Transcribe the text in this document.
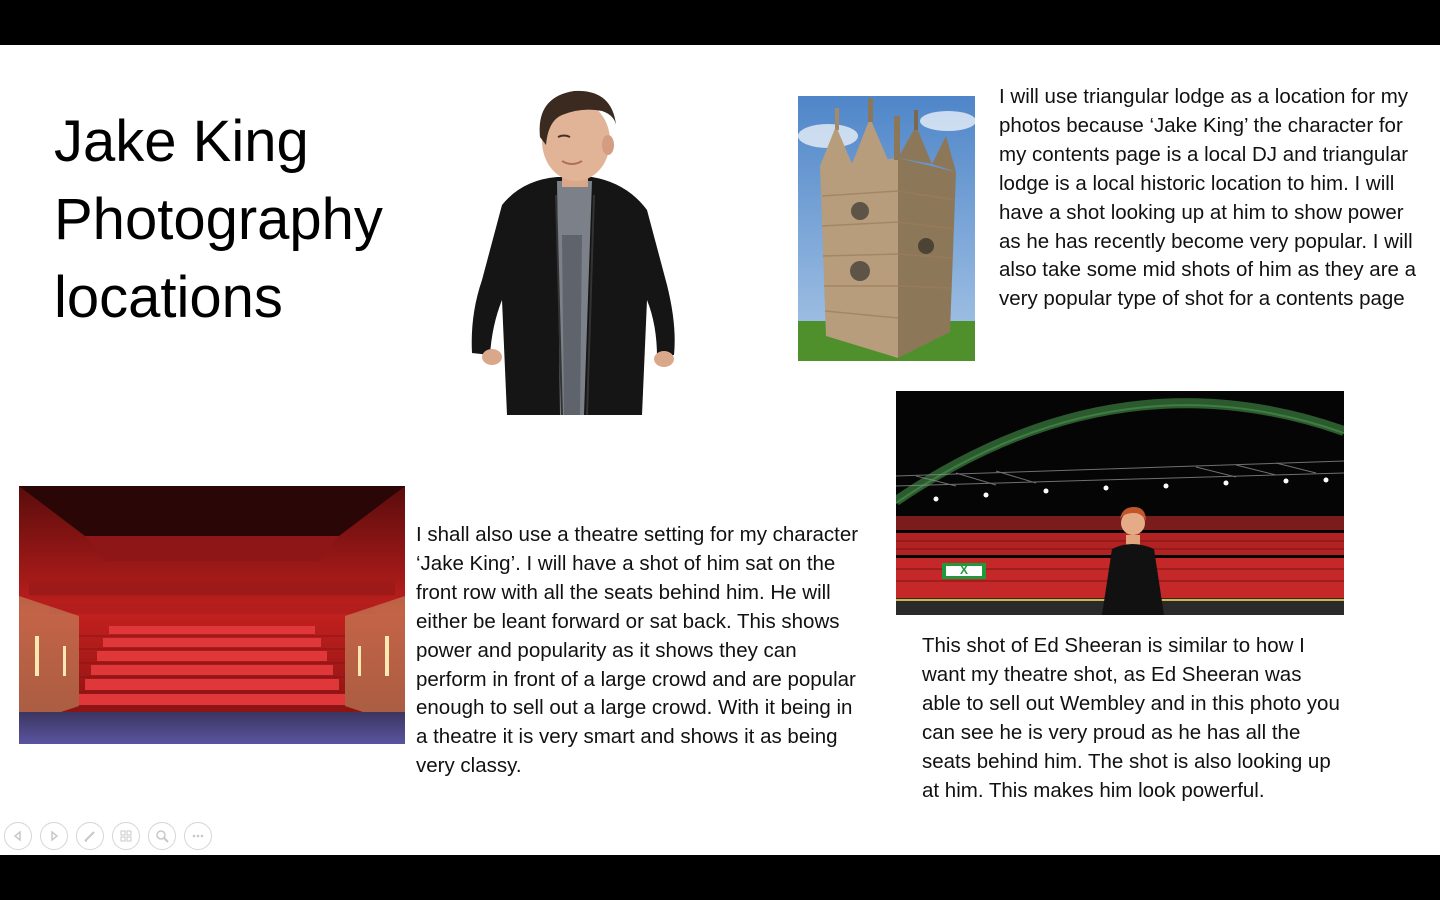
Jake King
Photography
locations

I will use triangular lodge as a location for my photos because ‘Jake King’ the character for my contents page is a local DJ and triangular lodge is a local historic location to him. I will have a shot looking up at him to show power as he has recently become very popular. I will also take some mid shots of him as they are a very popular type of shot for a contents page

I shall also use a theatre setting for my character ‘Jake King’. I will have a shot of him sat on the front row with all the seats behind him. He will either be leant forward or sat back. This shows power and popularity as it shows they can perform in front of a large crowd and are popular enough to sell out a large crowd. With it being in a theatre it is very smart and shows it as being very classy.

X

This shot of Ed Sheeran is similar to how I want my theatre shot, as Ed Sheeran was able to sell out Wembley and in this photo you can see he is very proud as he has all the seats behind him. The shot is also looking up at him. This makes him look powerful.
